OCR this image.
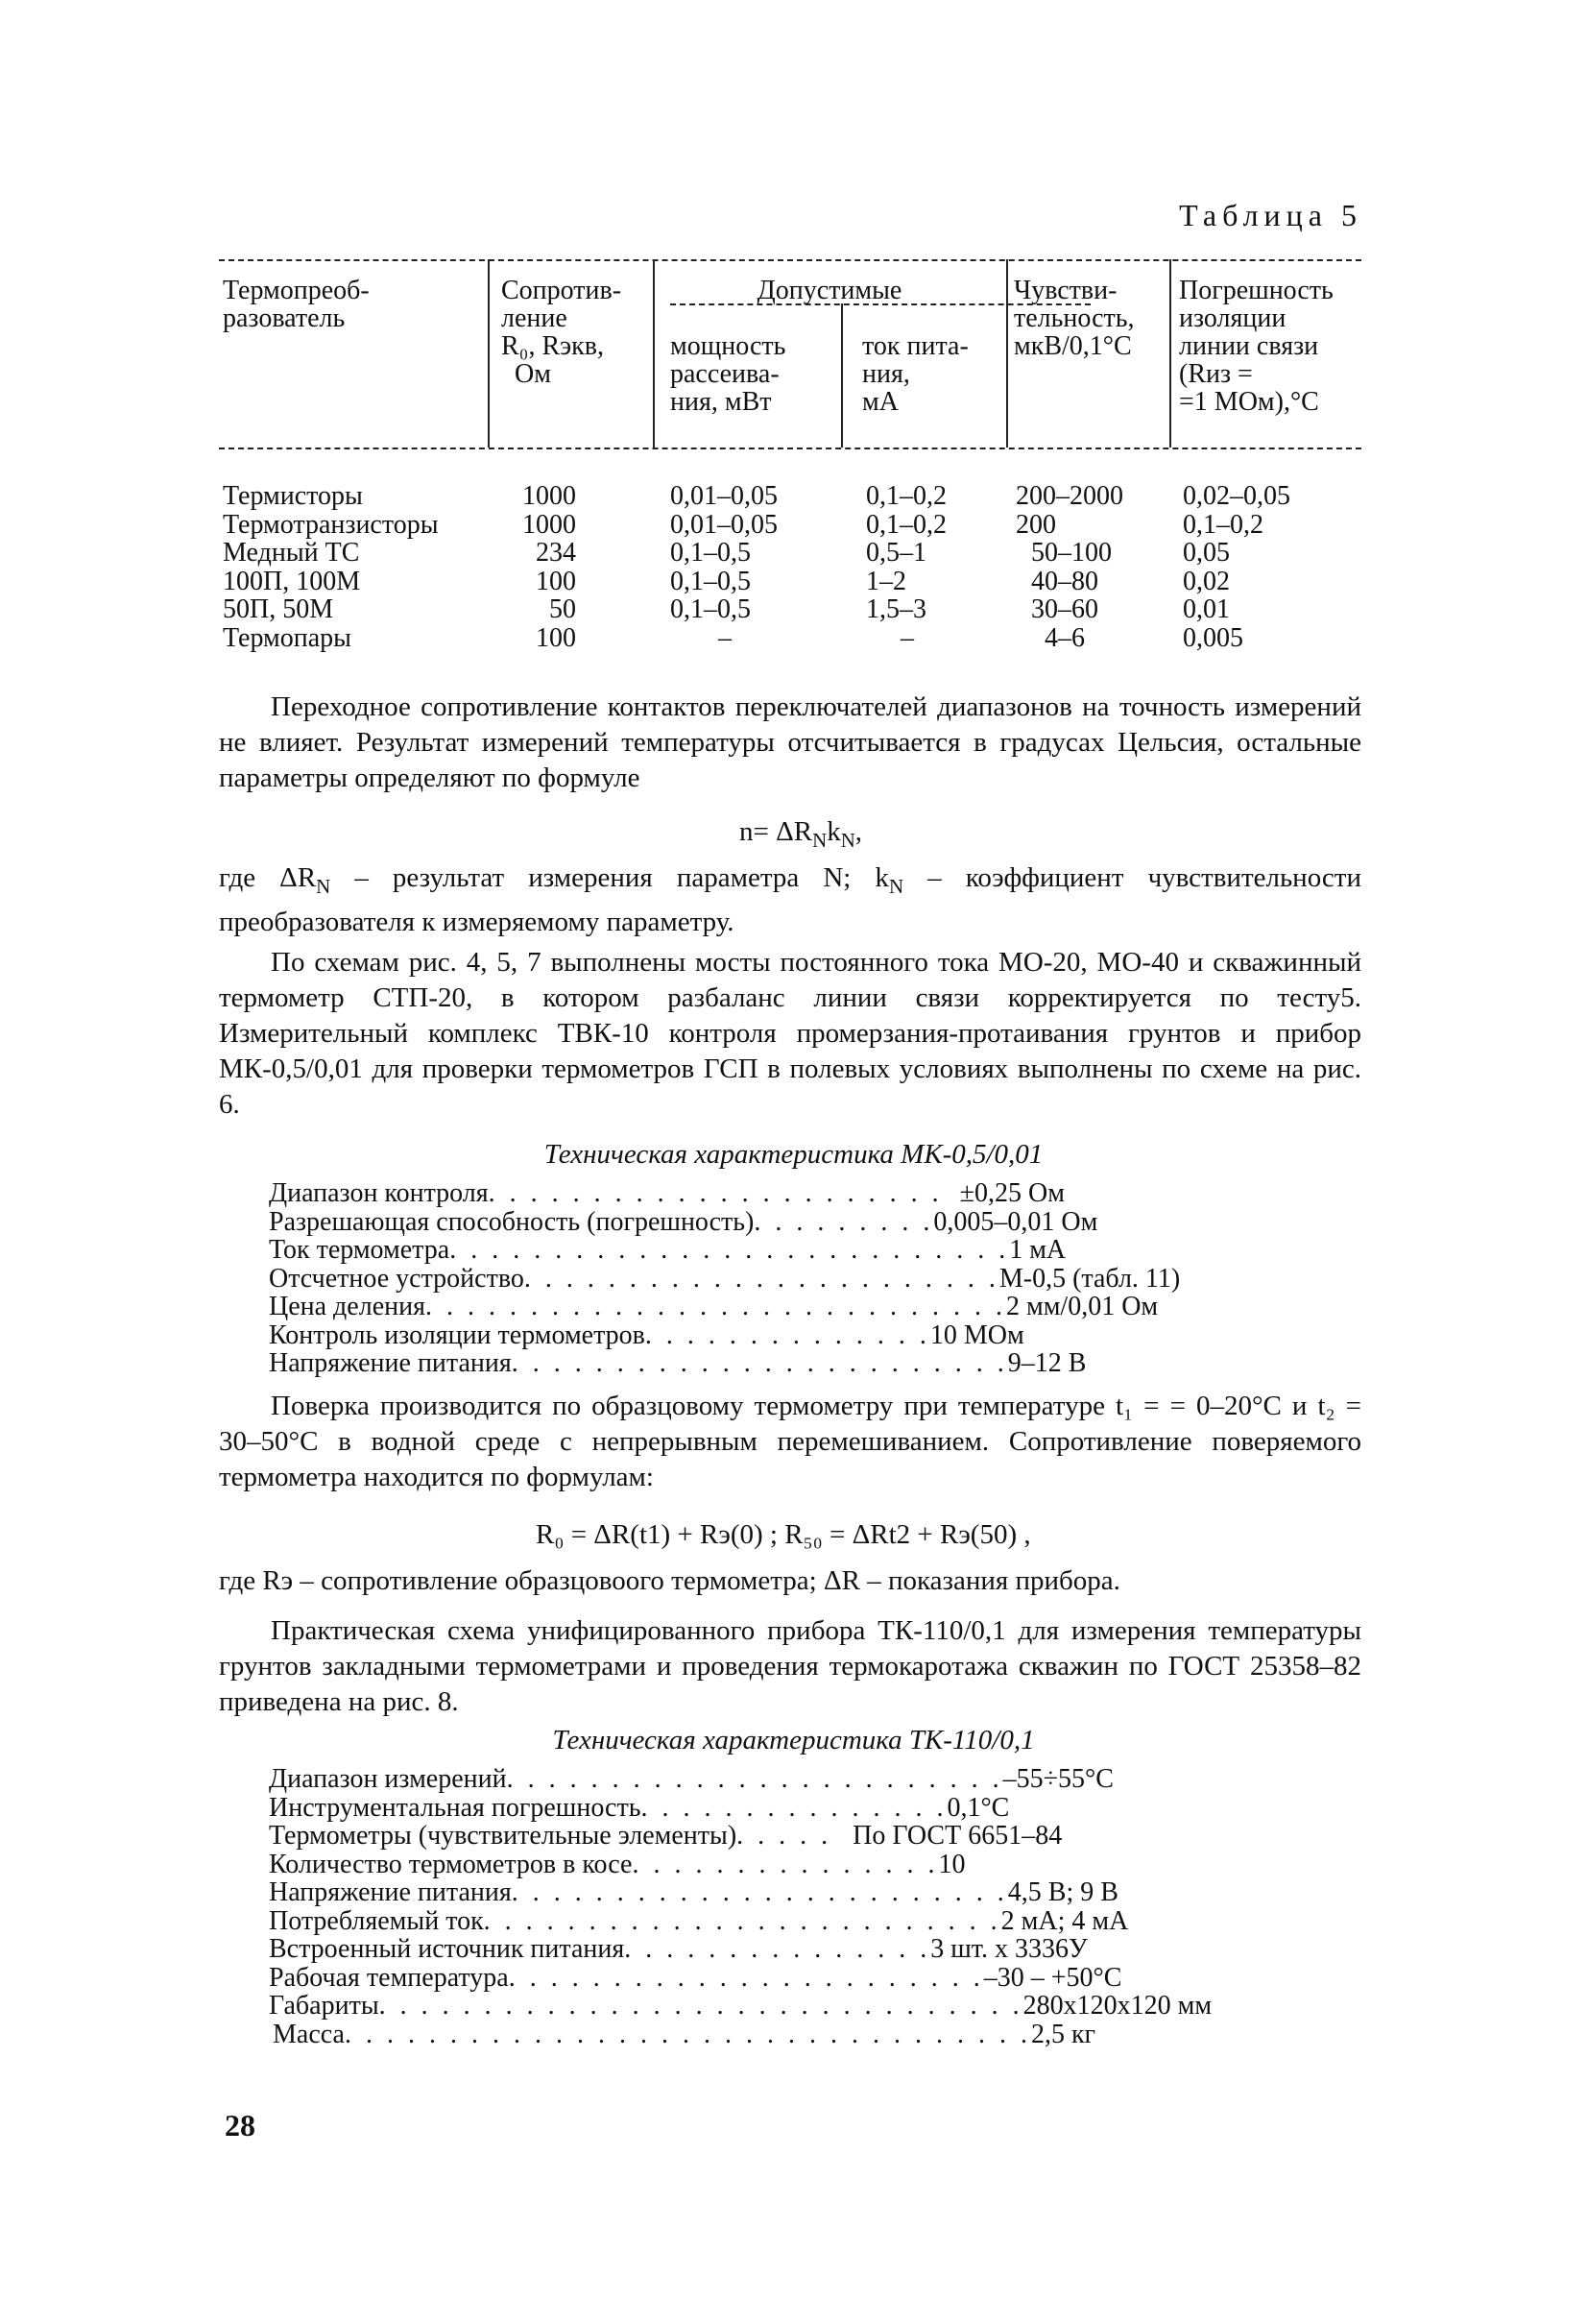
Таблица 5
Термопреоб-
разователь
Сопротив-
ление
R₀, Rэкв,
Ом
Допустимые
мощность
рассеива-
ния, мВт
ток пита-
ния,
мА
Чувстви-
тельность,
мкВ/0,1°С
Погрешность
изоляции
линии связи
(Rиз =
=1 МОм),°С
Термисторы
Термотранзисторы
Медный ТС
100П, 100М
50П, 50М
Термопары
1000
1000
234
100
50
100
0,01–0,05
0,01–0,05
0,1–0,5
0,1–0,5
0,1–0,5
–
0,1–0,2
0,1–0,2
0,5–1
1–2
1,5–3
–
200–2000
200
50–100
40–80
30–60
4–6
0,02–0,05
0,1–0,2
0,05
0,02
0,01
0,005
Переходное сопротивление контактов переключателей диапазонов на точность измерений не влияет. Результат измерений температуры отсчитывается в градусах Цельсия, остальные параметры определяют по формуле
$n= \Delta R_Nk_N$,
где $\Delta R_N$ – результат измерения параметра N; $k_N$ – коэффициент чувствительности преобразователя к измеряемому параметру.
По схемам рис. 4, 5, 7 выполнены мосты постоянного тока МО-20, МО-40 и скважинный термометр СТП-20, в котором разбаланс линии связи корректируется по тесту5. Измерительный комплекс ТВК-10 контроля промерзания-протаивания грунтов и прибор МК-0,5/0,01 для проверки термометров ГСП в полевых условиях выполнены по схеме на рис. 6.
Техническая характеристика МК-0,5/0,01
Диапазон контроля . . . . . . . . . . . . . . . . . . . . . . ±0,25 Ом
Разрешающая способность (погрешность) . . . . . . . . . 0,005–0,01 Ом
Ток термометра . . . . . . . . . . . . . . . . . . . . . . . . . . . 1 мА
Отсчетное устройство . . . . . . . . . . . . . . . . . . . . . . . М-0,5 (табл. 11)
Цена деления . . . . . . . . . . . . . . . . . . . . . . . . . . . . 2 мм/0,01 Ом
Контроль изоляции термометров . . . . . . . . . . . . . . 10 МОм
Напряжение питания . . . . . . . . . . . . . . . . . . . . . . . . 9–12 В
Поверка производится по образцовому термометру при температуре t₁ = = 0–20°С и t₂ = 30–50°С в водной среде с непрерывным перемешиванием. Сопротивление поверяемого термометра находится по формулам:
R₀ = ΔR(t1) + Rэ(0) ; R₅₀ = ΔRt2 + Rэ(50) ,
где Rэ – сопротивление образцовоого термометра; ΔR – показания прибора.
Практическая схема унифицированного прибора ТК-110/0,1 для измерения температуры грунтов закладными термометрами и проведения термокаротажа скважин по ГОСТ 25358–82 приведена на рис. 8.
Техническая характеристика ТК-110/0,1
Диапазон измерений . . . . . . . . . . . . . . . . . . . . . . . . –55÷55°С
Инструментальная погрешность . . . . . . . . . . . . . . . 0,1°С
Термометры (чувствительные элементы) . . . . . По ГОСТ 6651–84
Количество термометров в косе . . . . . . . . . . . . . . . 10
Напряжение питания . . . . . . . . . . . . . . . . . . . . . . . . 4,5 В; 9 В
Потребляемый ток . . . . . . . . . . . . . . . . . . . . . . . . . 2 мА; 4 мА
Встроенный источник питания . . . . . . . . . . . . . . . 3 шт. х 3336У
Рабочая температура . . . . . . . . . . . . . . . . . . . . . . . –30 – +50°С
Габариты . . . . . . . . . . . . . . . . . . . . . . . . . . . . . . . 280х120х120 мм
Масса . . . . . . . . . . . . . . . . . . . . . . . . . . . . . . . . . 2,5 кг
28
